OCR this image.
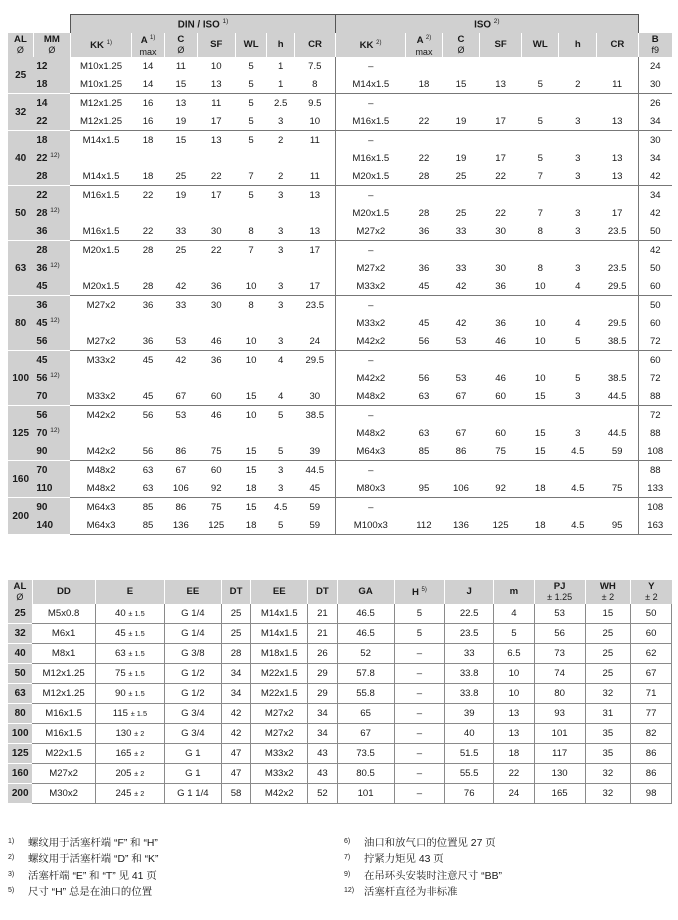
		DIN / ISO $^{1)}$							ISO $^{2)}$	
AL
Ø	MM
Ø	KK $^{1)}$	A $^{1)}$
max	C
Ø	SF	WL	h	CR	KK $^{2)}$	A $^{2)}$
max	C
Ø	SF	WL	h	CR	B
f9

25	12	M10x1.25	14	11	10	5	1	7.5	–							24
	18	M10x1.25	14	15	13	5	1	8	M14x1.5	18	15	13	5	2	11	30
32	14	M12x1.25	16	13	11	5	2.5	9.5	–							26
	22	M12x1.25	16	19	17	5	3	10	M16x1.5	22	19	17	5	3	13	34
40	18	M14x1.5	18	15	13	5	2	11	–							30
	22 $^{12)}$								M16x1.5	22	19	17	5	3	13	34
	28	M14x1.5	18	25	22	7	2	11	M20x1.5	28	25	22	7	3	13	42
50	22	M16x1.5	22	19	17	5	3	13	–							34
	28 $^{12)}$								M20x1.5	28	25	22	7	3	17	42
	36	M16x1.5	22	33	30	8	3	13	M27x2	36	33	30	8	3	23.5	50
63	28	M20x1.5	28	25	22	7	3	17	–							42
	36 $^{12)}$								M27x2	36	33	30	8	3	23.5	50
	45	M20x1.5	28	42	36	10	3	17	M33x2	45	42	36	10	4	29.5	60
80	36	M27x2	36	33	30	8	3	23.5	–							50
	45 $^{12)}$								M33x2	45	42	36	10	4	29.5	60
	56	M27x2	36	53	46	10	3	24	M42x2	56	53	46	10	5	38.5	72
100	45	M33x2	45	42	36	10	4	29.5	–							60
	56 $^{12)}$								M42x2	56	53	46	10	5	38.5	72
	70	M33x2	45	67	60	15	4	30	M48x2	63	67	60	15	3	44.5	88
125	56	M42x2	56	53	46	10	5	38.5	–							72
	70 $^{12)}$								M48x2	63	67	60	15	3	44.5	88
	90	M42x2	56	86	75	15	5	39	M64x3	85	86	75	15	4.5	59	108
160	70	M48x2	63	67	60	15	3	44.5	–							88
	110	M48x2	63	106	92	18	3	45	M80x3	95	106	92	18	4.5	75	133
200	90	M64x3	85	86	75	15	4.5	59	–							108
	140	M64x3	85	136	125	18	5	59	M100x3	112	136	125	18	4.5	95	163
AL
Ø	DD	E	EE	DT	EE	DT	GA	H $^{5)}$	J	m	PJ
± 1.25	WH
± 2	Y
± 2

25	M5x0.8	40 ± 1.5	G 1/4	25	M14x1.5	21	46.5	5	22.5	4	53	15	50
32	M6x1	45 ± 1.5	G 1/4	25	M14x1.5	21	46.5	5	23.5	5	56	25	60
40	M8x1	63 ± 1.5	G 3/8	28	M18x1.5	26	52	–	33	6.5	73	25	62
50	M12x1.25	75 ± 1.5	G 1/2	34	M22x1.5	29	57.8	–	33.8	10	74	25	67
63	M12x1.25	90 ± 1.5	G 1/2	34	M22x1.5	29	55.8	–	33.8	10	80	32	71
80	M16x1.5	115 ± 1.5	G 3/4	42	M27x2	34	65	–	39	13	93	31	77
100	M16x1.5	130 ± 2	G 3/4	42	M27x2	34	67	–	40	13	101	35	82
125	M22x1.5	165 ± 2	G 1	47	M33x2	43	73.5	–	51.5	18	117	35	86
160	M27x2	205 ± 2	G 1	47	M33x2	43	80.5	–	55.5	22	130	32	86
200	M30x2	245 ± 2	G 1 1/4	58	M42x2	52	101	–	76	24	165	32	98
1) 螺纹用于活塞杆端 “F” 和 “H”
2) 螺纹用于活塞杆端 “D” 和 “K”
3) 活塞杆端 “E” 和 “T” 见 41 页
5) 尺寸 “H” 总是在油口的位置
6) 油口和放气口的位置见 27 页
7) 拧紧力矩见 43 页
9) 在吊环头安装时注意尺寸 “BB”
12) 活塞杆直径为非标准
